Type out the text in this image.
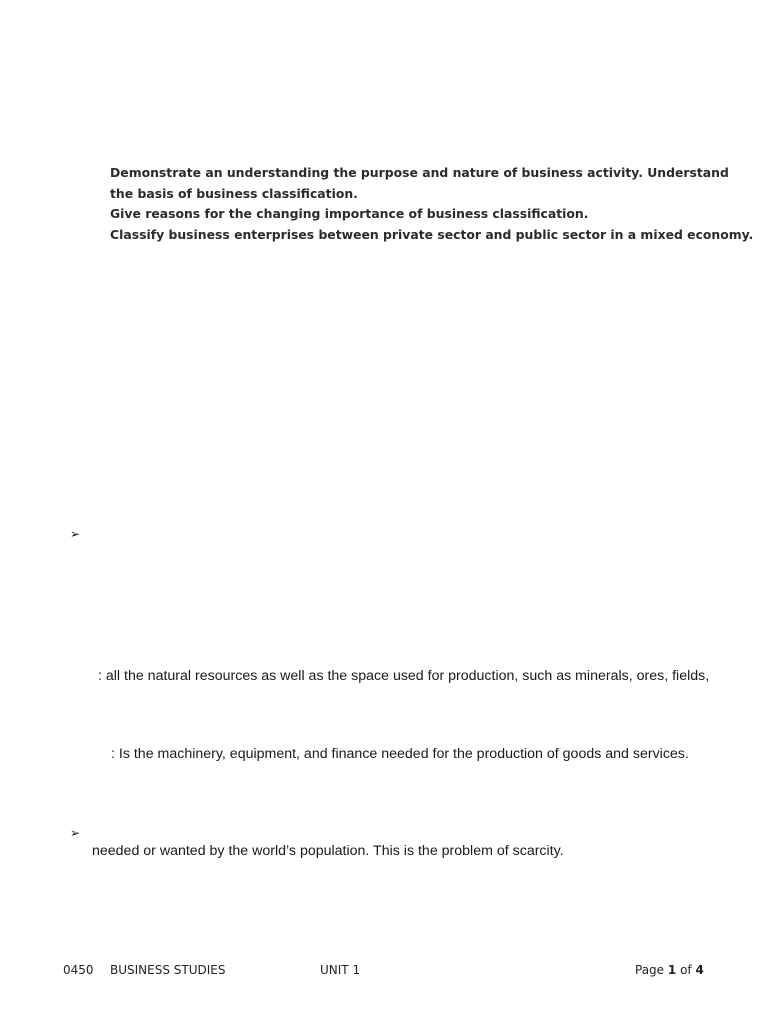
Demonstrate an understanding the purpose and nature of business activity. Understand

the basis of business classification.

Give reasons for the changing importance of business classification.

Classify business enterprises between private sector and public sector in a mixed economy.

➢
: all the natural resources as well as the space used for production, such as minerals, ores, fields,
: Is the machinery, equipment, and finance needed for the production of goods and services.
➢
needed or wanted by the world’s population. This is the problem of scarcity.
0450 BUSINESS STUDIES	UNIT 1	Page 1 of 4
